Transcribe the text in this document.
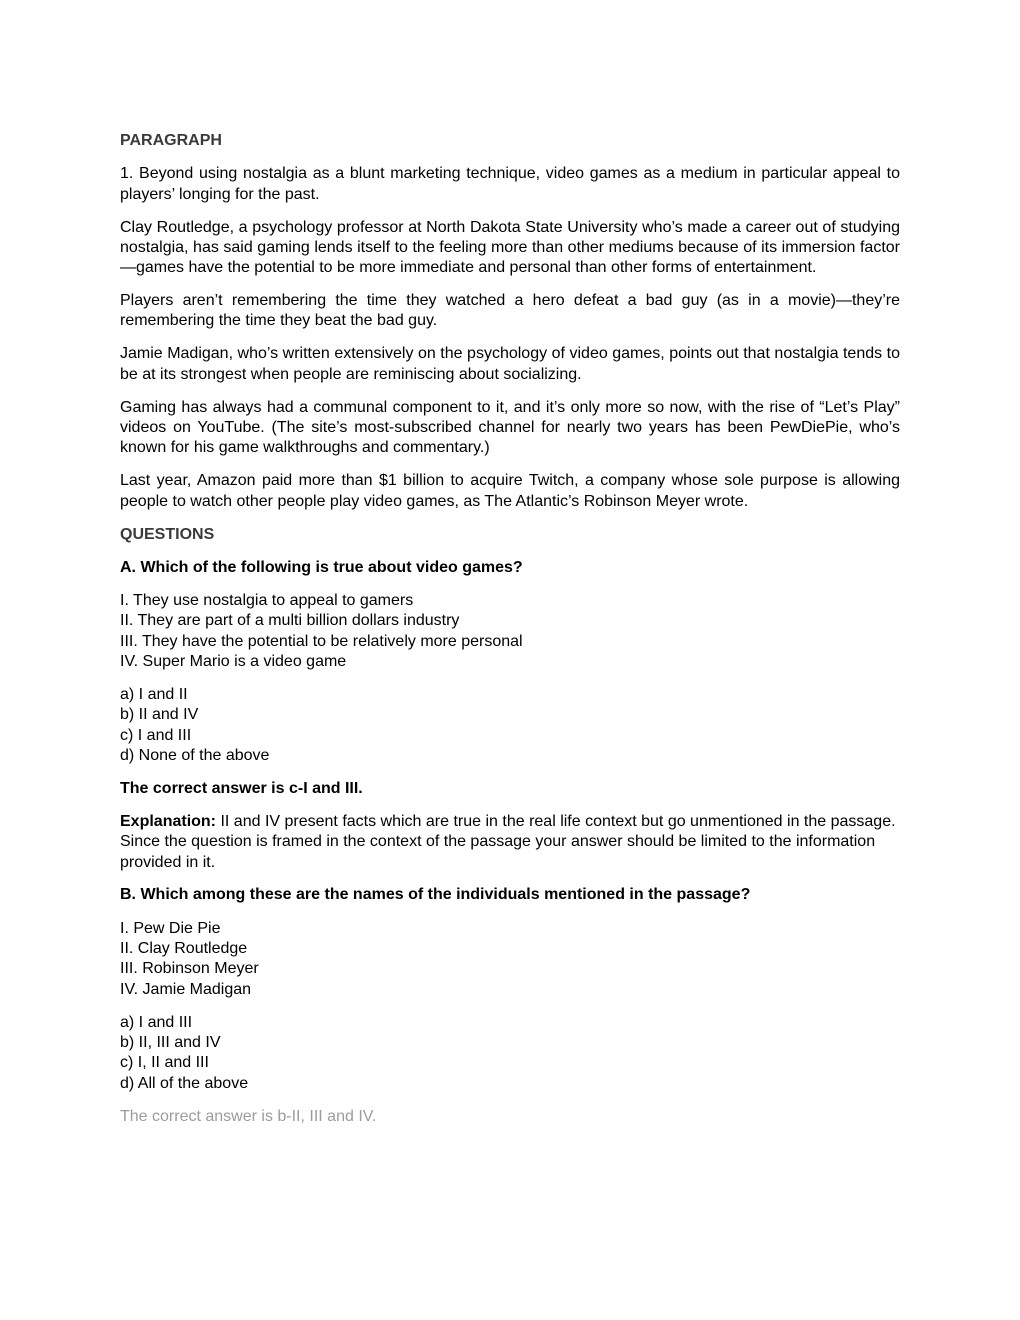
PARAGRAPH

1. Beyond using nostalgia as a blunt marketing technique, video games as a medium in particular appeal to players’ longing for the past.

Clay Routledge, a psychology professor at North Dakota State University who’s made a career out of studying nostalgia, has said gaming lends itself to the feeling more than other mediums because of its immersion factor—games have the potential to be more immediate and personal than other forms of entertainment.

Players aren’t remembering the time they watched a hero defeat a bad guy (as in a movie)—they’re remembering the time they beat the bad guy.

Jamie Madigan, who’s written extensively on the psychology of video games, points out that nostalgia tends to be at its strongest when people are reminiscing about socializing.

Gaming has always had a communal component to it, and it’s only more so now, with the rise of “Let’s Play” videos on YouTube. (The site’s most-subscribed channel for nearly two years has been PewDiePie, who’s known for his game walkthroughs and commentary.)

Last year, Amazon paid more than $1 billion to acquire Twitch, a company whose sole purpose is allowing people to watch other people play video games, as The Atlantic’s Robinson Meyer wrote.

QUESTIONS
A. Which of the following is true about video games?
I. They use nostalgia to appeal to gamers
II. They are part of a multi billion dollars industry
III. They have the potential to be relatively more personal
IV. Super Mario is a video game
a) I and II
b) II and IV
c) I and III
d) None of the above
The correct answer is c-I and III.

Explanation: II and IV present facts which are true in the real life context but go unmentioned in the passage. Since the question is framed in the context of the passage your answer should be limited to the information provided in it.

B. Which among these are the names of the individuals mentioned in the passage?
I. Pew Die Pie
II. Clay Routledge
III. Robinson Meyer
IV. Jamie Madigan
a) I and III
b) II, III and IV
c) I, II and III
d) All of the above
The correct answer is b-II, III and IV.
